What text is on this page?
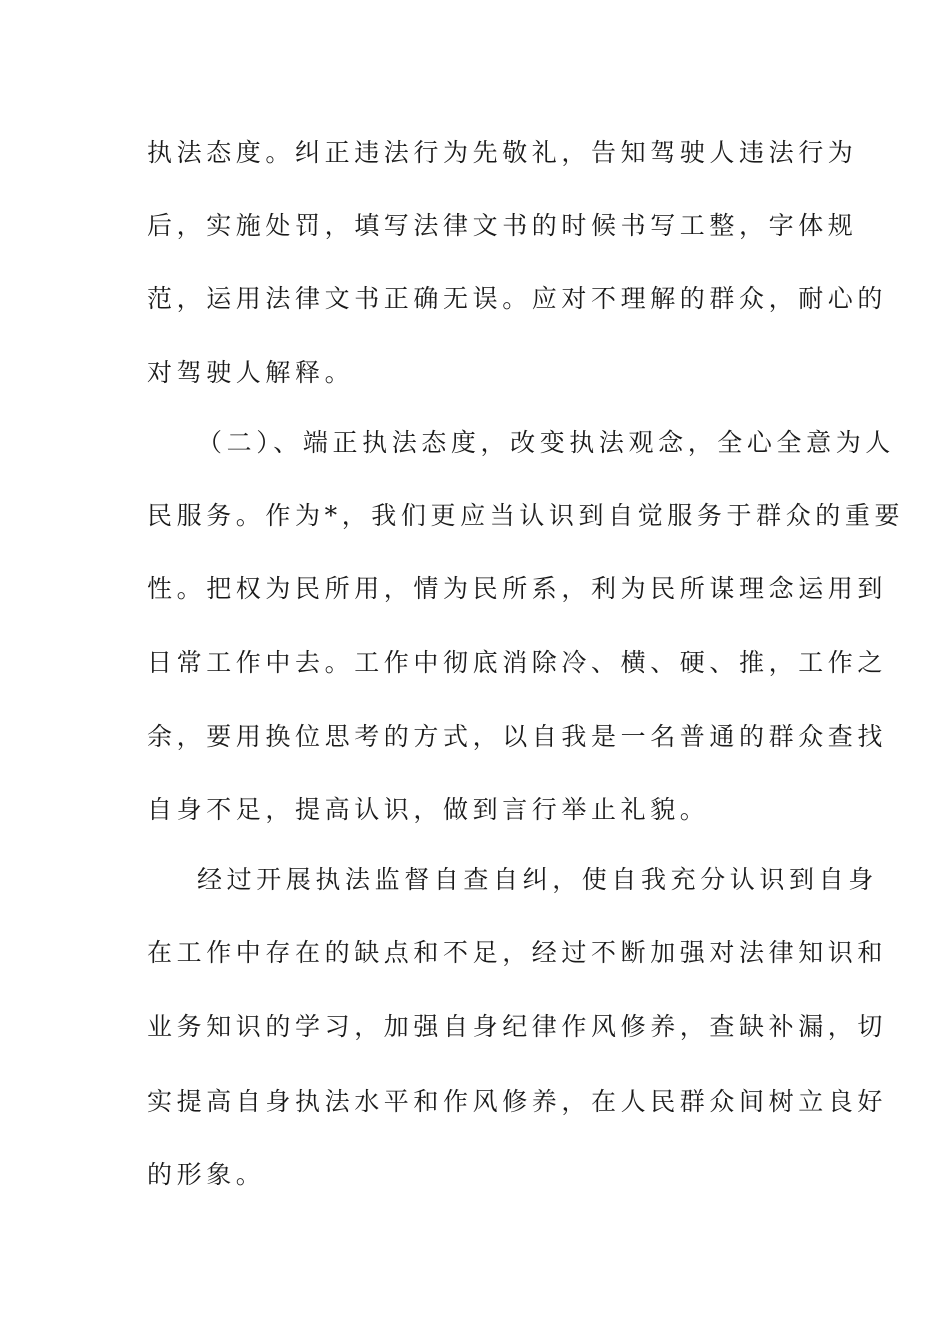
执法态度。纠正违法行为先敬礼，告知驾驶人违法行为
后，实施处罚，填写法律文书的时候书写工整，字体规
范，运用法律文书正确无误。应对不理解的群众，耐心的
对驾驶人解释。
（二）、端正执法态度，改变执法观念，全心全意为人
民服务。作为*，我们更应当认识到自觉服务于群众的重要
性。把权为民所用，情为民所系，利为民所谋理念运用到
日常工作中去。工作中彻底消除冷、横、硬、推，工作之
余，要用换位思考的方式，以自我是一名普通的群众查找
自身不足，提高认识，做到言行举止礼貌。
经过开展执法监督自查自纠，使自我充分认识到自身
在工作中存在的缺点和不足，经过不断加强对法律知识和
业务知识的学习，加强自身纪律作风修养，查缺补漏，切
实提高自身执法水平和作风修养，在人民群众间树立良好
的形象。
